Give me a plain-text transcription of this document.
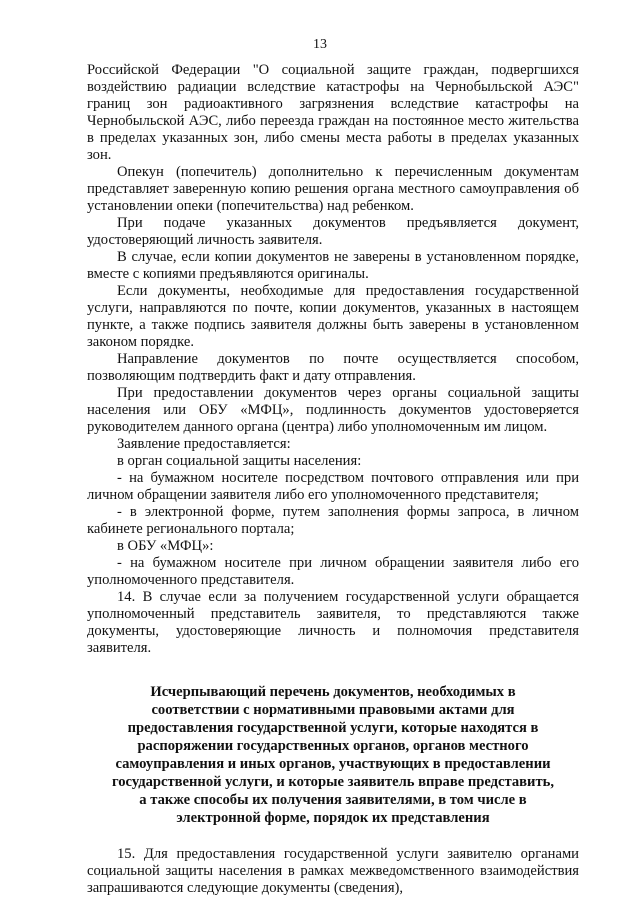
13

Российской Федерации "О социальной защите граждан, подвергшихся воздействию радиации вследствие катастрофы на Чернобыльской АЭС" границ зон радиоактивного загрязнения вследствие катастрофы на Чернобыльской АЭС, либо переезда граждан на постоянное место жительства в пределах указанных зон, либо смены места работы в пределах указанных зон.

Опекун (попечитель) дополнительно к перечисленным документам представляет заверенную копию решения органа местного самоуправления об установлении опеки (попечительства) над ребенком.

При подаче указанных документов предъявляется документ, удостоверяющий личность заявителя.

В случае, если копии документов не заверены в установленном порядке, вместе с копиями предъявляются оригиналы.

Если документы, необходимые для предоставления государственной услуги, направляются по почте, копии документов, указанных в настоящем пункте, а также подпись заявителя должны быть заверены в установленном законом порядке.

Направление документов по почте осуществляется способом, позволяющим подтвердить факт и дату отправления.

При предоставлении документов через органы социальной защиты населения или ОБУ «МФЦ», подлинность документов удостоверяется руководителем данного органа (центра) либо уполномоченным им лицом.

Заявление предоставляется:

в орган социальной защиты населения:

- на бумажном носителе посредством почтового отправления или при личном обращении заявителя либо его уполномоченного представителя;

- в электронной форме, путем заполнения формы запроса, в личном кабинете регионального портала;

в ОБУ «МФЦ»:

- на бумажном носителе при личном обращении заявителя либо его уполномоченного представителя.

14. В случае если за получением государственной услуги обращается уполномоченный представитель заявителя, то представляются также документы, удостоверяющие личность и полномочия представителя заявителя.

Исчерпывающий перечень документов, необходимых в соответствии с нормативными правовыми актами для предоставления государственной услуги, которые находятся в распоряжении государственных органов, органов местного самоуправления и иных органов, участвующих в предоставлении государственной услуги, и которые заявитель вправе представить, а также способы их получения заявителями, в том числе в электронной форме, порядок их представления

15. Для предоставления государственной услуги заявителю органами социальной защиты населения в рамках межведомственного взаимодействия запрашиваются следующие документы (сведения),
